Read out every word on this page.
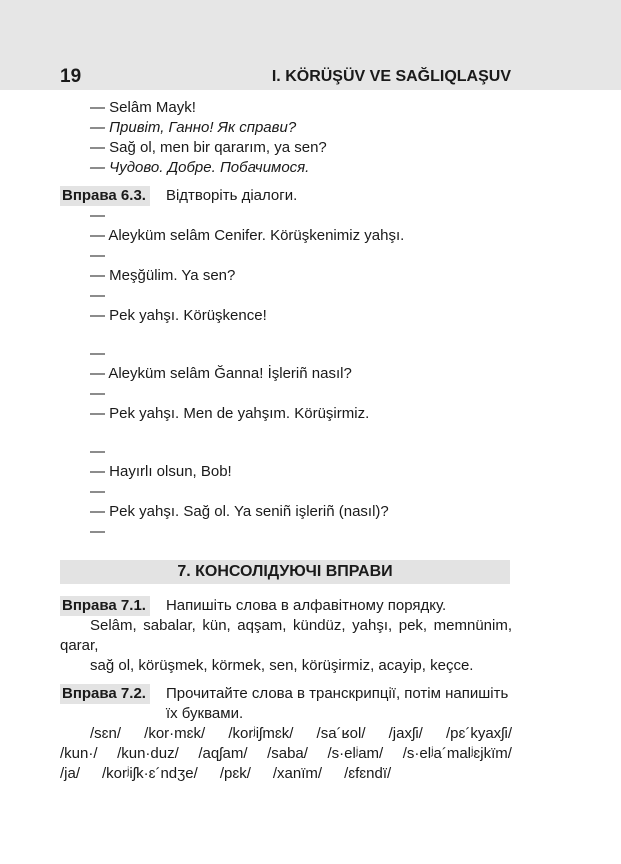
19	I. KÖRÜŞÜV VE SAĞLIQLAŞUV
— Selâm Mayk!
— Привіт, Ганно! Як справи?
— Sağ ol, men bir qararım, ya sen?
— Чудово. Добре. Побачимося.
Вправа 6.3. Відтворіть діалоги.
—
— Aleyküm selâm Cenifer. Körüşkenimiz yahşı.
—
— Meşğülim. Ya sen?
—
— Pek yahşı. Körüşkence!
—
— Aleyküm selâm Ğanna! İşleriñ nasıl?
—
— Pek yahşı. Men de yahşım. Körüşirmiz.
—
— Hayırlı olsun, Bob!
—
— Pek yahşı. Sağ ol. Ya seniñ işleriñ (nasıl)?
—
7. КОНСОЛІДУЮЧІ ВПРАВИ
Вправа 7.1. Напишіть слова в алфавітному порядку.
Selâm, sabalar, kün, aqşam, kündüz, yahşı, pek, memnünim, qarar,
sağ ol, körüşmek, körmek, sen, körüşirmiz, acayip, keçce.
Вправа 7.2. Прочитайте слова в транскрипції, потім напишіть їх буквами.
/sɛn/ /kor·mɛk/ /korʲiʃmɛk/ /sa´ʁol/ /jaxʃi/ /pɛ´kyaxʃi/
/kun·/ /kun·duz/ /aqʃam/ /saba/ /s·elʲam/ /s·elʲa´malʲɛjkïm/
/ja/ /korʲiʃk·ɛ´ndʒe/ /pɛk/ /xanïm/ /ɛfɛndï/
